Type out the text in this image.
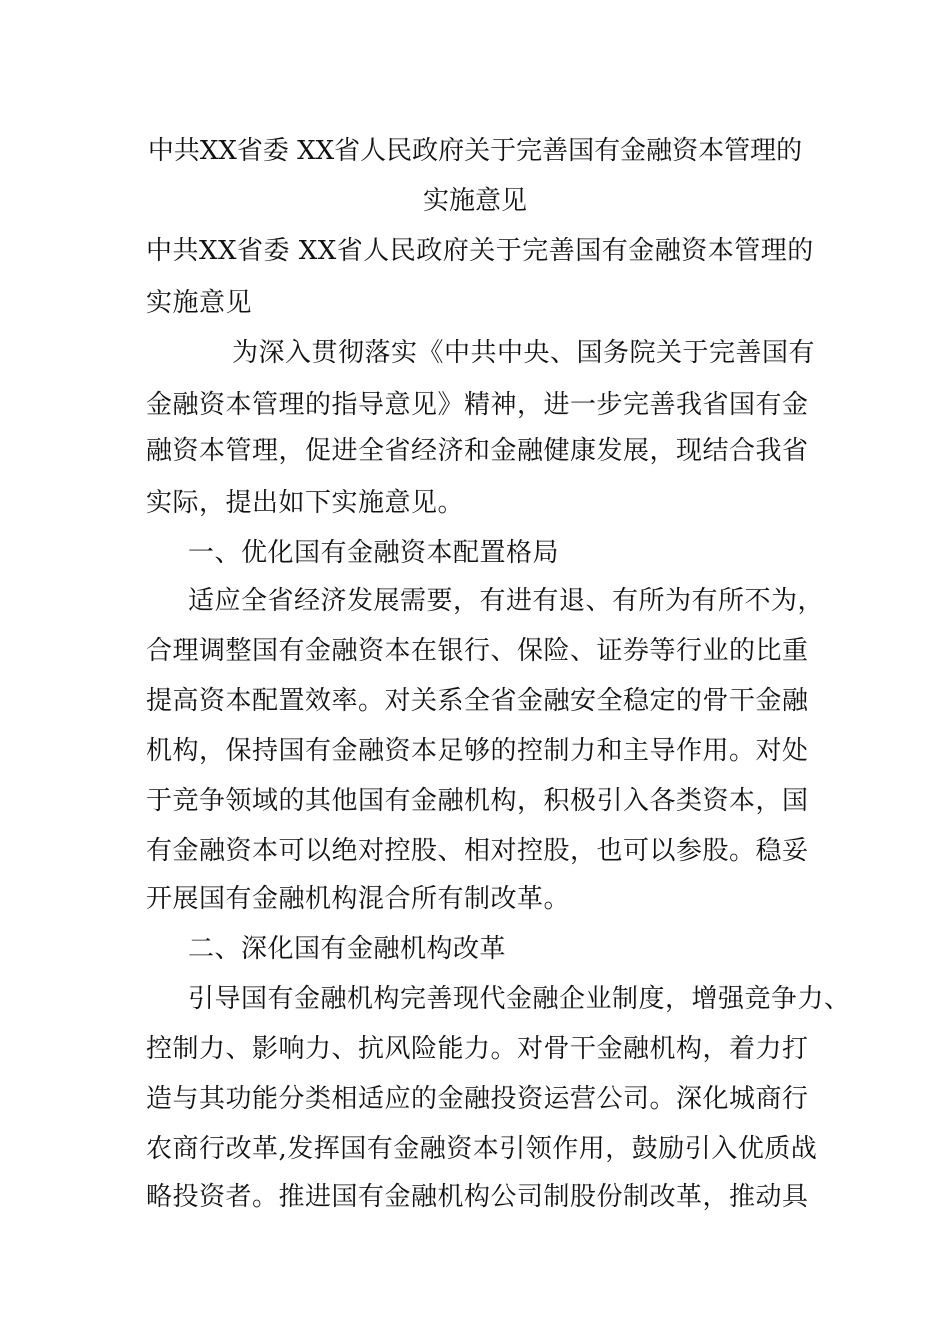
中共XX省委 XX省人民政府关于完善国有金融资本管理的
实施意见
中共XX省委 XX省人民政府关于完善国有金融资本管理的
实施意见
为深入贯彻落实《中共中央、国务院关于完善国有
金融资本管理的指导意见》精神，进一步完善我省国有金
融资本管理，促进全省经济和金融健康发展，现结合我省
实际，提出如下实施意见。
一、优化国有金融资本配置格局
适应全省经济发展需要，有进有退、有所为有所不为，
合理调整国有金融资本在银行、保险、证券等行业的比重
提高资本配置效率。对关系全省金融安全稳定的骨干金融
机构，保持国有金融资本足够的控制力和主导作用。对处
于竞争领域的其他国有金融机构，积极引入各类资本，国
有金融资本可以绝对控股、相对控股，也可以参股。稳妥
开展国有金融机构混合所有制改革。
二、深化国有金融机构改革
引导国有金融机构完善现代金融企业制度，增强竞争力、
控制力、影响力、抗风险能力。对骨干金融机构，着力打
造与其功能分类相适应的金融投资运营公司。深化城商行
农商行改革,发挥国有金融资本引领作用，鼓励引入优质战
略投资者。推进国有金融机构公司制股份制改革，推动具
